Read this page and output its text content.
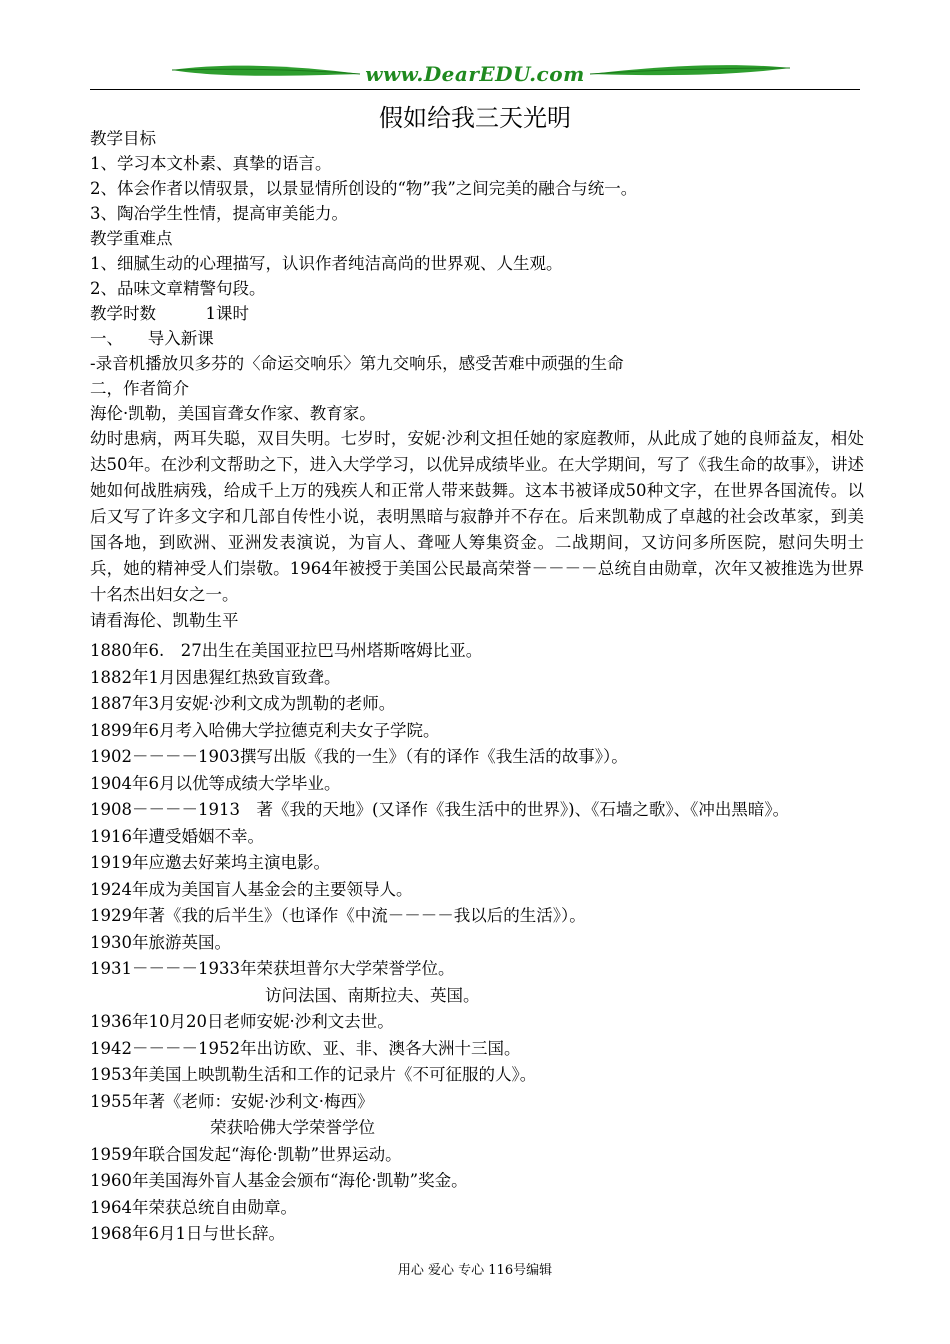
www.DearEDU.com
假如给我三天光明
教学目标
1、学习本文朴素、真挚的语言。
2、体会作者以情驭景，以景显情所创设的“物”我”之间完美的融合与统一。
3、陶冶学生性情，提高审美能力。
教学重难点
1、细腻生动的心理描写，认识作者纯洁高尚的世界观、人生观。
2、品味文章精警句段。
教学时数　　　1课时
一、　　导入新课
-录音机播放贝多芬的〈命运交响乐〉第九交响乐，感受苦难中顽强的生命
二，作者简介
海伦·凯勒，美国盲聋女作家、教育家。
幼时患病，两耳失聪，双目失明。七岁时，安妮·沙利文担任她的家庭教师，从此成了她的良师益友，相处达50年。在沙利文帮助之下，进入大学学习，以优异成绩毕业。在大学期间，写了《我生命的故事》，讲述她如何战胜病残，给成千上万的残疾人和正常人带来鼓舞。这本书被译成50种文字，在世界各国流传。以后又写了许多文字和几部自传性小说，表明黑暗与寂静并不存在。后来凯勒成了卓越的社会改革家，到美国各地，到欧洲、亚洲发表演说，为盲人、聋哑人筹集资金。二战期间，又访问多所医院，慰问失明士兵，她的精神受人们崇敬。1964年被授于美国公民最高荣誉－－－－总统自由勋章，次年又被推选为世界十名杰出妇女之一。
请看海伦、凯勒生平
1880年6.　27出生在美国亚拉巴马州塔斯喀姆比亚。
1882年1月因患猩红热致盲致聋。
1887年3月安妮·沙利文成为凯勒的老师。
1899年6月考入哈佛大学拉德克利夫女子学院。
1902－－－－1903撰写出版《我的一生》（有的译作《我生活的故事》）。
1904年6月以优等成绩大学毕业。
1908－－－－1913　著《我的天地》(又译作《我生活中的世界》)、《石墙之歌》、《冲出黑暗》。
1916年遭受婚姻不幸。
1919年应邀去好莱坞主演电影。
1924年成为美国盲人基金会的主要领导人。
1929年著《我的后半生》（也译作《中流－－－－我以后的生活》）。
1930年旅游英国。
1931－－－－1933年荣获坦普尔大学荣誉学位。
访问法国、南斯拉夫、英国。
1936年10月20日老师安妮·沙利文去世。
1942－－－－1952年出访欧、亚、非、澳各大洲十三国。
1953年美国上映凯勒生活和工作的记录片《不可征服的人》。
1955年著《老师：安妮·沙利文·梅西》
荣获哈佛大学荣誉学位
1959年联合国发起“海伦·凯勒”世界运动。
1960年美国海外盲人基金会颁布“海伦·凯勒”奖金。
1964年荣获总统自由勋章。
1968年6月1日与世长辞。
用心 爱心 专心 116号编辑
